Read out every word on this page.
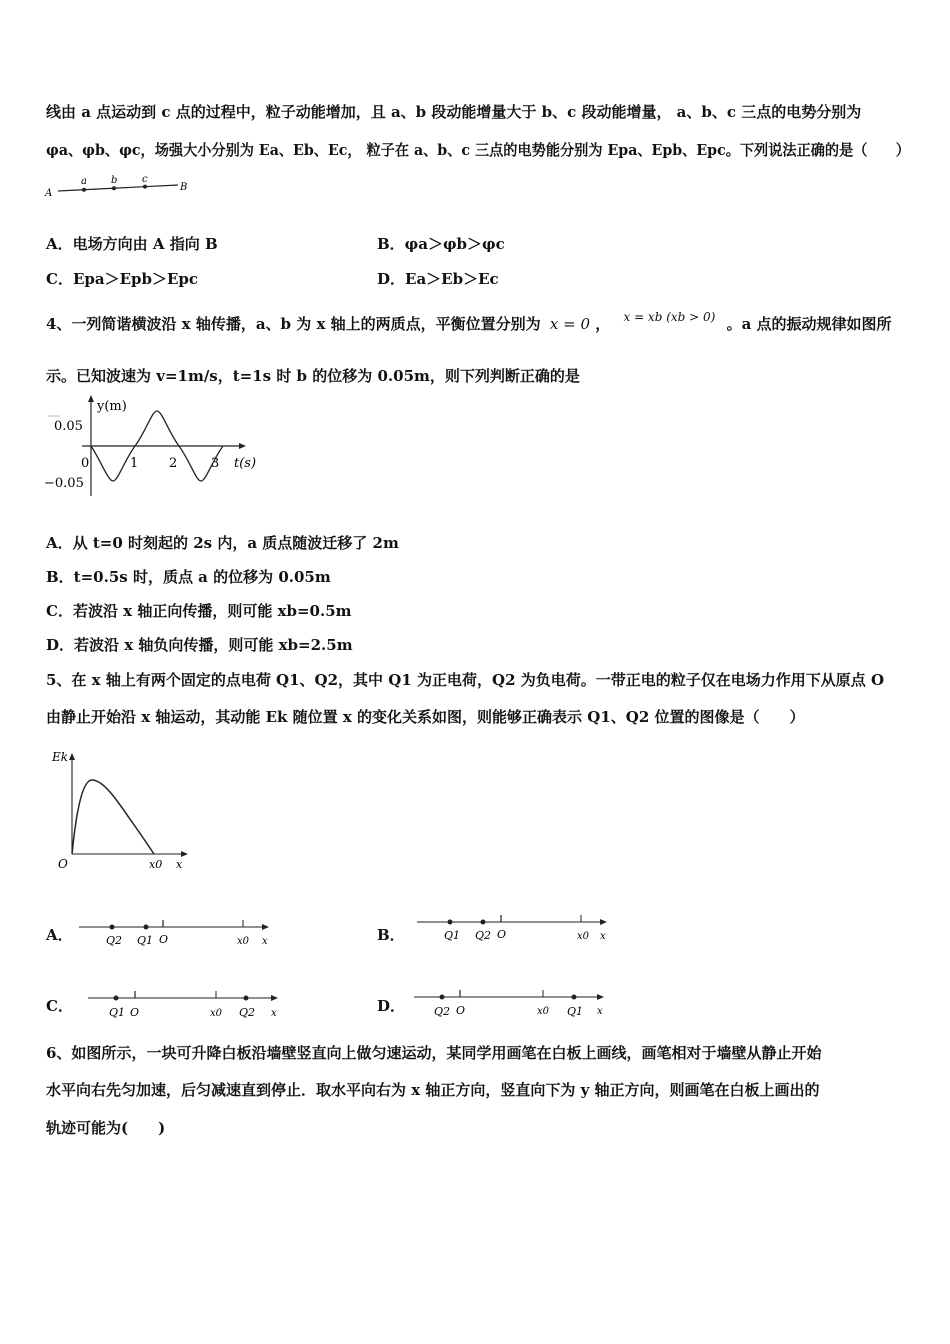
线由 a 点运动到 c 点的过程中，粒子动能增加，且 a、b 段动能增量大于 b、c 段动能增量， a、b、c 三点的电势分别为
φa、φb、φc，场强大小分别为 Ea、Eb、Ec， 粒子在 a、b、c 三点的电势能分别为 Epa、Epb、Epc。下列说法正确的是（　　）
A
a b c
B
A．电场方向由 A 指向 B	B．φa＞φb＞φc
C．Epa＞Epb＞Epc	D．Ea＞Eb＞Ec
4、一列简谐横波沿 x 轴传播，a、b 为 x 轴上的两质点，平衡位置分别为 x = 0 ， $^{x = xb (xb > 0)}$ 。a 点的振动规律如图所
示。已知波速为 v=1m/s，t=1s 时 b 的位移为 0.05m，则下列判断正确的是
y(m)
0.05
−0.05
0	1 2	3 t(s)
A．从 t=0 时刻起的 2s 内，a 质点随波迁移了 2m
B．t=0.5s 时，质点 a 的位移为 0.05m
C．若波沿 x 轴正向传播，则可能 xb=0.5m
D．若波沿 x 轴负向传播，则可能 xb=2.5m
5、在 x 轴上有两个固定的点电荷 Q1、Q2，其中 Q1 为正电荷，Q2 为负电荷。一带正电的粒子仅在电场力作用下从原点 O
由静止开始沿 x 轴运动，其动能 Ek 随位置 x 的变化关系如图，则能够正确表示 Q1、Q2 位置的图像是（　　）
Ek
O	x0 x
A．	Q2 Q1 O	x0 x	B．	Q1 Q2 O	x0 x
C．	Q1 O	x0 Q2 x	D．	Q2 O	x0 Q1 x
6、如图所示，一块可升降白板沿墙壁竖直向上做匀速运动，某同学用画笔在白板上画线，画笔相对于墙壁从静止开始
水平向右先匀加速，后匀减速直到停止．取水平向右为 x 轴正方向，竖直向下为 y 轴正方向，则画笔在白板上画出的
轨迹可能为(　　)
